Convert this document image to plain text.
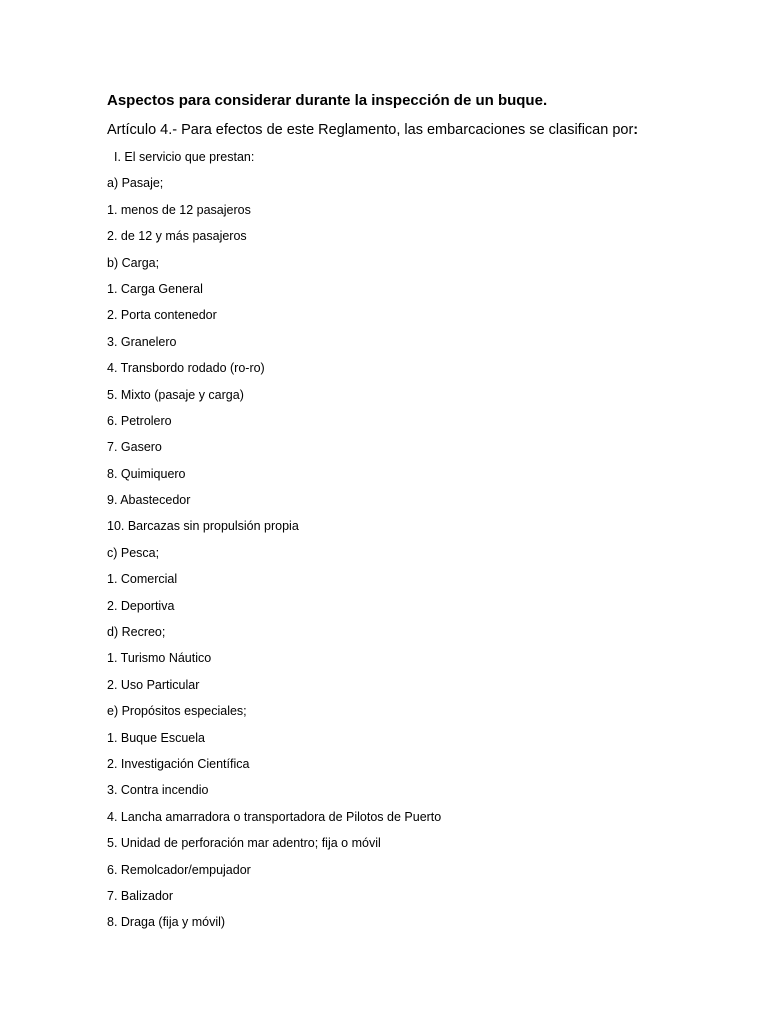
Aspectos para considerar durante la inspección de un buque.
Artículo 4.- Para efectos de este Reglamento, las embarcaciones se clasifican por:
I. El servicio que prestan:
a) Pasaje;
1. menos de 12 pasajeros
2. de 12 y más pasajeros
b) Carga;
1. Carga General
2. Porta contenedor
3. Granelero
4. Transbordo rodado (ro-ro)
5. Mixto (pasaje y carga)
6. Petrolero
7. Gasero
8. Quimiquero
9. Abastecedor
10. Barcazas sin propulsión propia
c) Pesca;
1. Comercial
2. Deportiva
d) Recreo;
1. Turismo Náutico
2. Uso Particular
e) Propósitos especiales;
1. Buque Escuela
2. Investigación Científica
3. Contra incendio
4. Lancha amarradora o transportadora de Pilotos de Puerto
5. Unidad de perforación mar adentro; fija o móvil
6. Remolcador/empujador
7. Balizador
8. Draga (fija y móvil)
